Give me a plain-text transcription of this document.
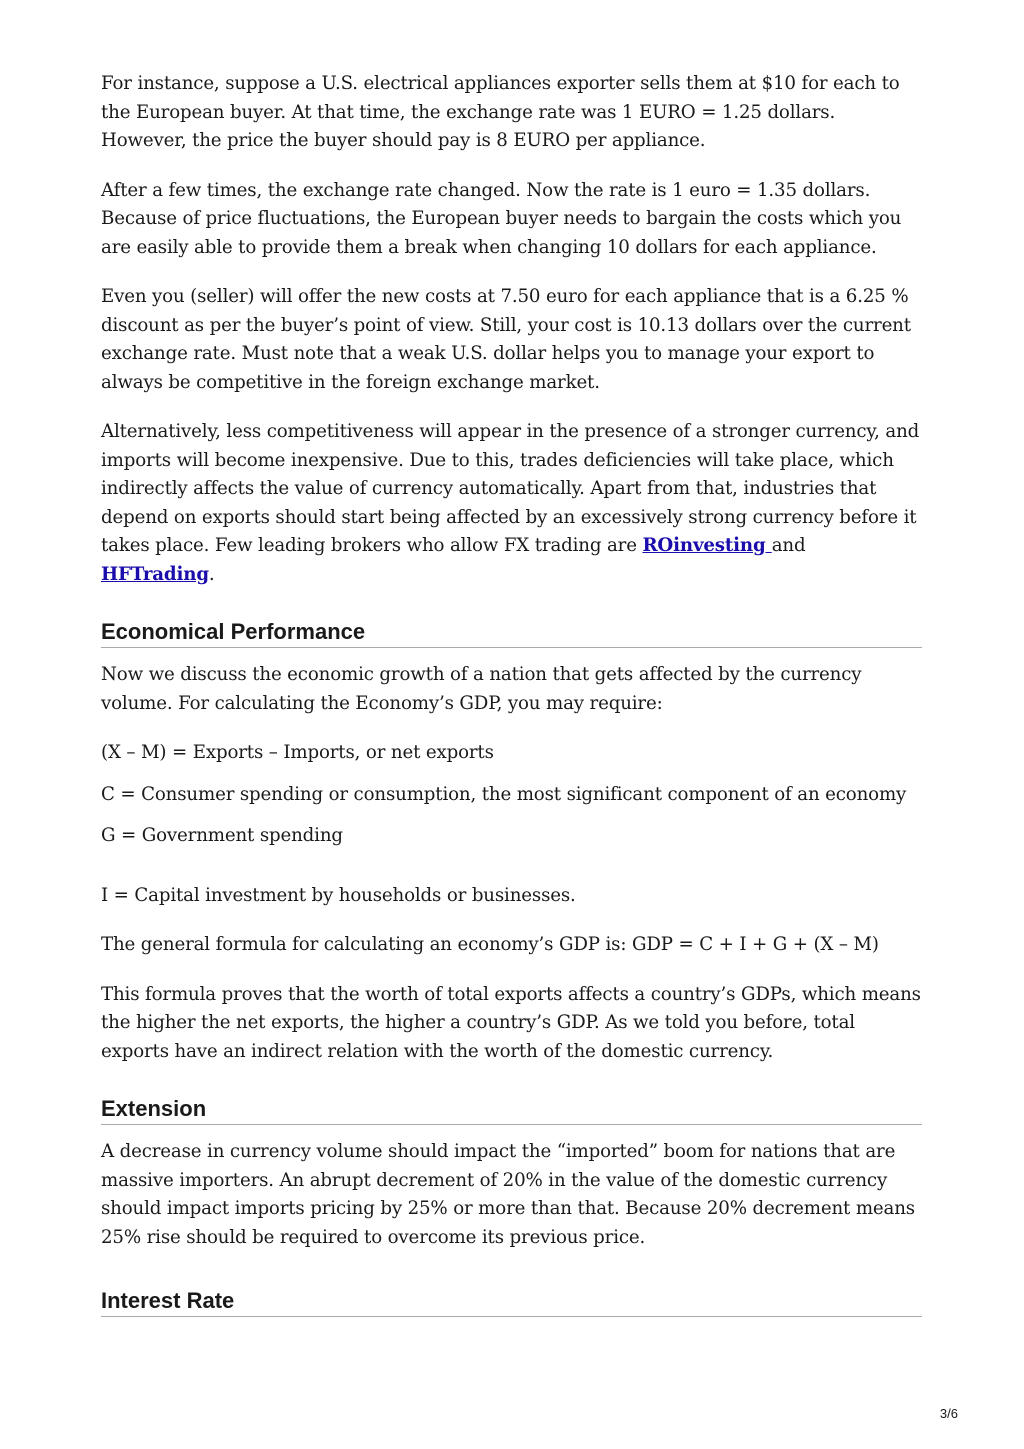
For instance, suppose a U.S. electrical appliances exporter sells them at $10 for each to the European buyer. At that time, the exchange rate was 1 EURO = 1.25 dollars. However, the price the buyer should pay is 8 EURO per appliance.

After a few times, the exchange rate changed. Now the rate is 1 euro = 1.35 dollars. Because of price fluctuations, the European buyer needs to bargain the costs which you are easily able to provide them a break when changing 10 dollars for each appliance.

Even you (seller) will offer the new costs at 7.50 euro for each appliance that is a 6.25 % discount as per the buyer’s point of view. Still, your cost is 10.13 dollars over the current exchange rate. Must note that a weak U.S. dollar helps you to manage your export to always be competitive in the foreign exchange market.

Alternatively, less competitiveness will appear in the presence of a stronger currency, and imports will become inexpensive. Due to this, trades deficiencies will take place, which indirectly affects the value of currency automatically. Apart from that, industries that depend on exports should start being affected by an excessively strong currency before it takes place. Few leading brokers who allow FX trading are ROinvesting and HFTrading.

Economical Performance

Now we discuss the economic growth of a nation that gets affected by the currency volume. For calculating the Economy’s GDP, you may require:

(X – M) = Exports – Imports, or net exports

C = Consumer spending or consumption, the most significant component of an economy

G = Government spending

I = Capital investment by households or businesses.

The general formula for calculating an economy’s GDP is: GDP = C + I + G + (X – M)

This formula proves that the worth of total exports affects a country’s GDPs, which means the higher the net exports, the higher a country’s GDP. As we told you before, total exports have an indirect relation with the worth of the domestic currency.

Extension

A decrease in currency volume should impact the “imported” boom for nations that are massive importers. An abrupt decrement of 20% in the value of the domestic currency should impact imports pricing by 25% or more than that. Because 20% decrement means 25% rise should be required to overcome its previous price.

Interest Rate
3/6
